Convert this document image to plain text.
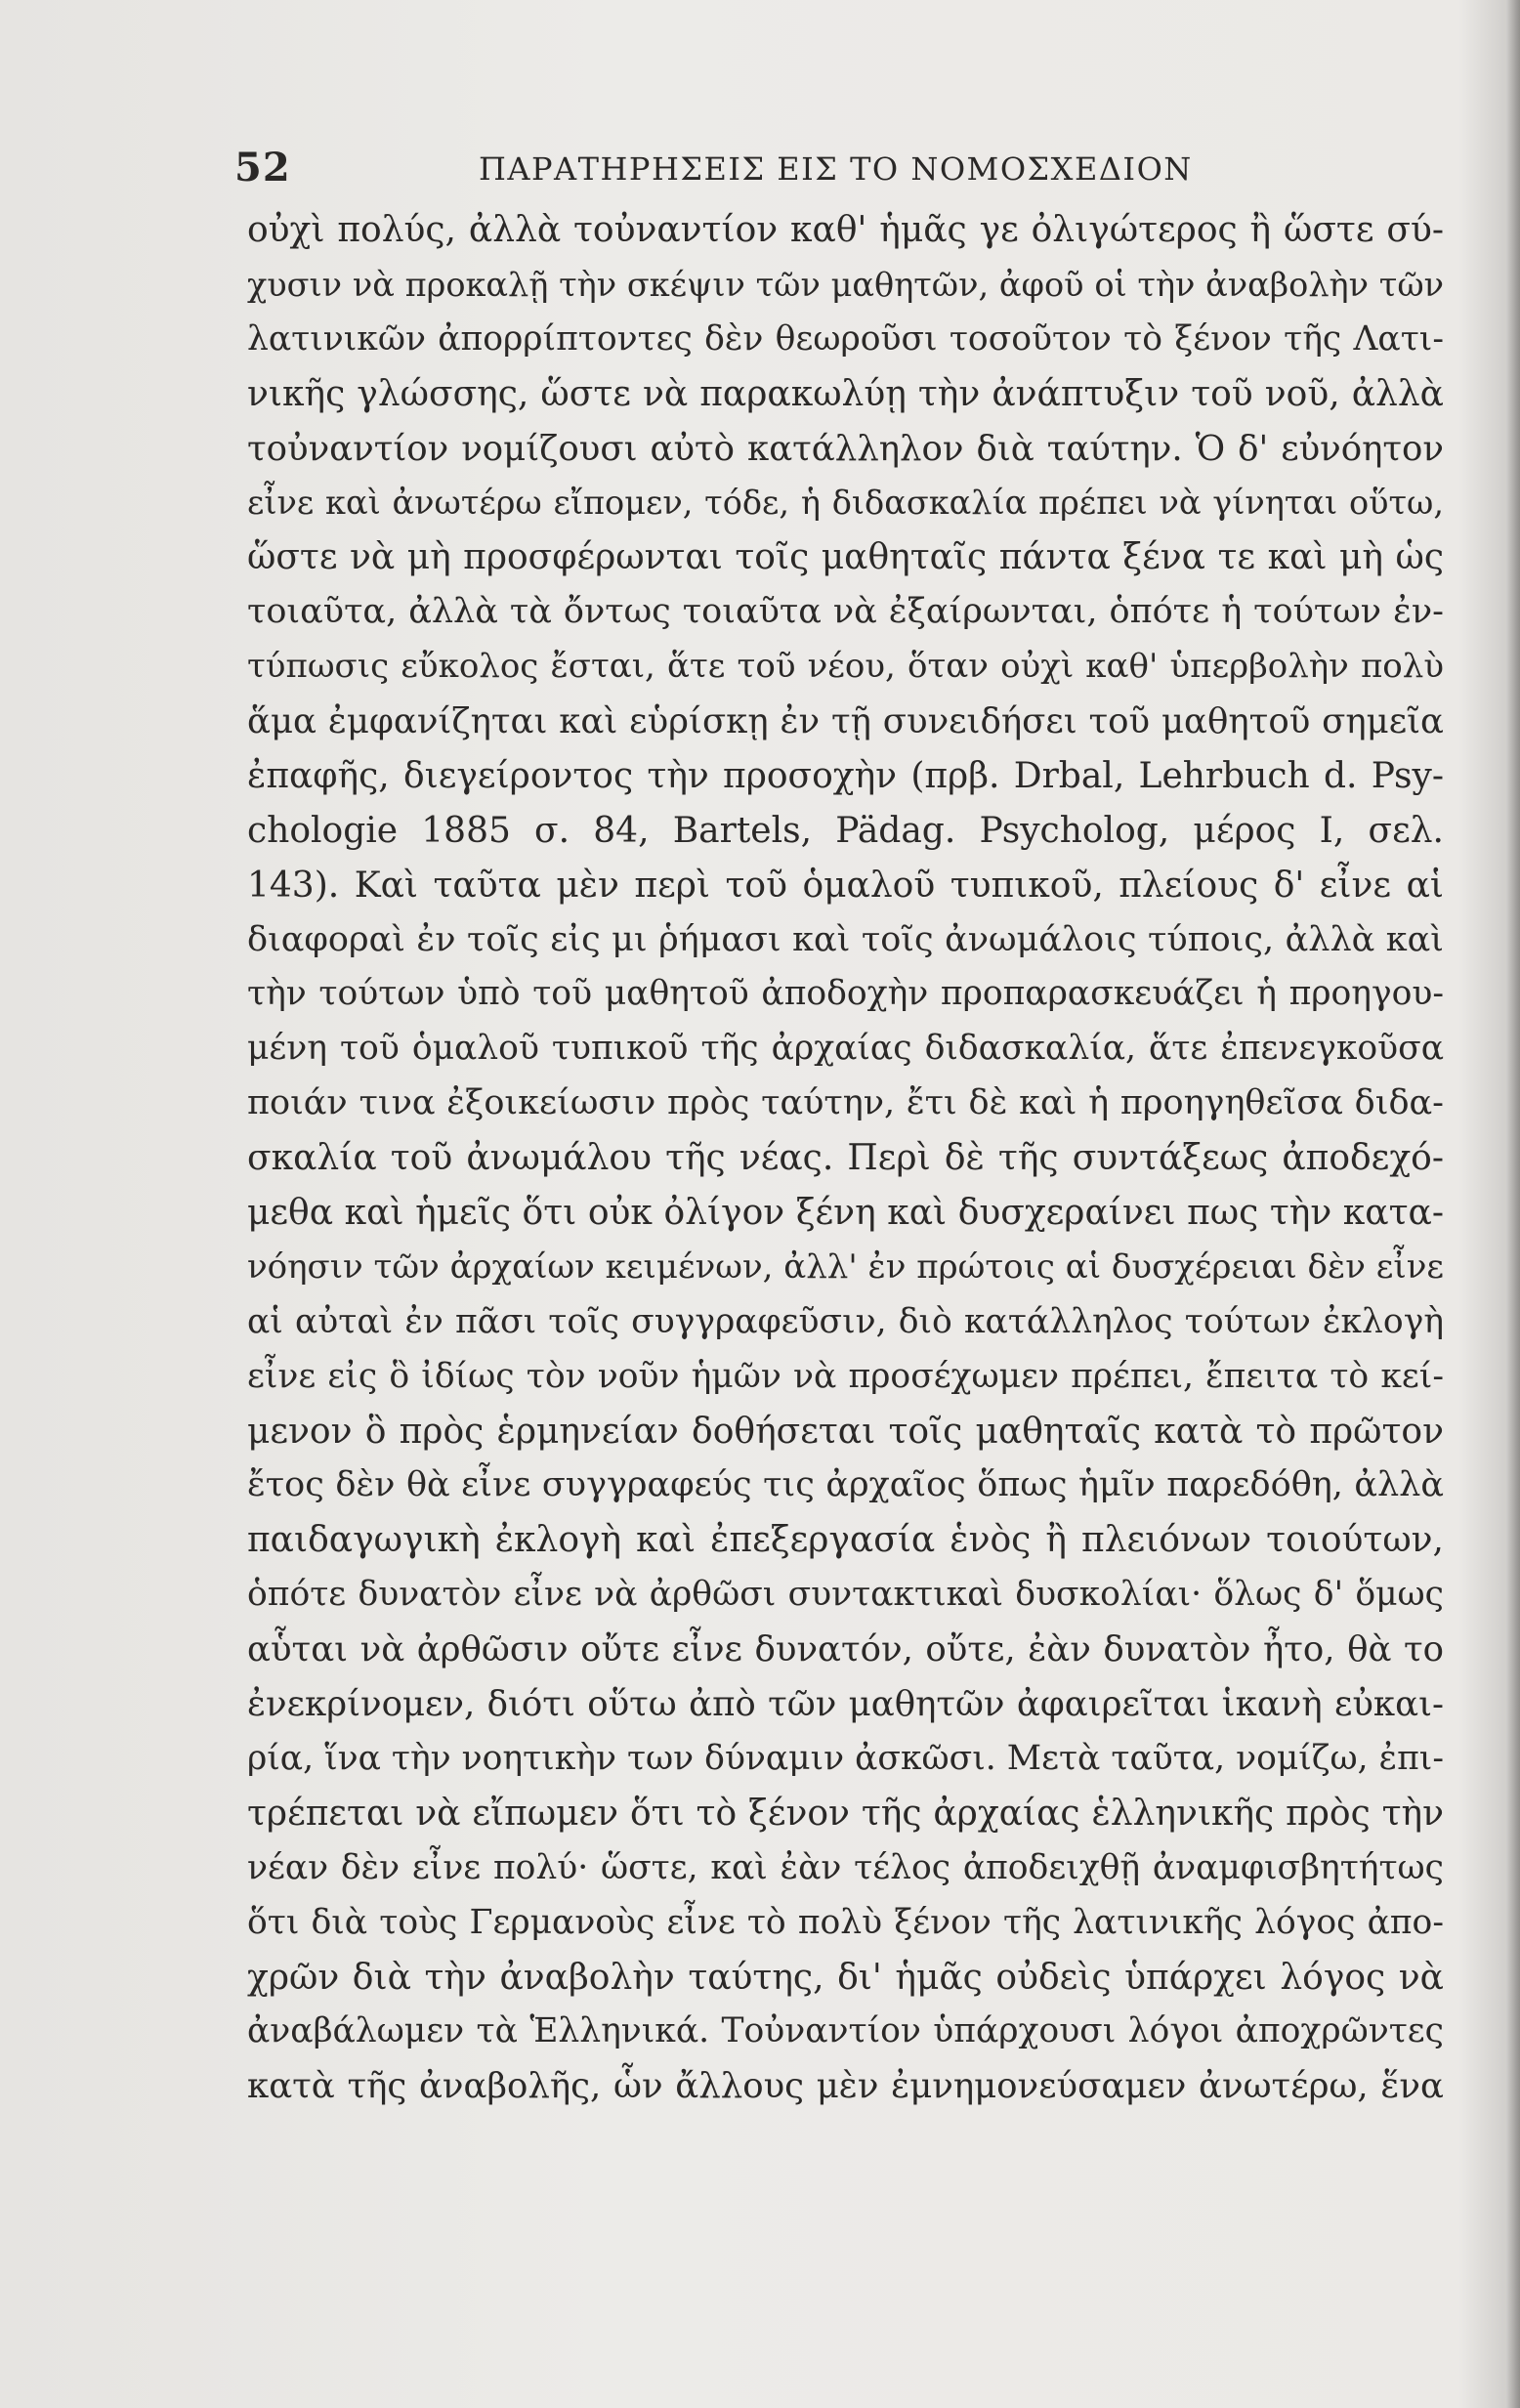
52	ΠΑΡΑΤΗΡΗΣΕΙΣ ΕΙΣ ΤΟ ΝΟΜΟΣΧΕΔΙΟΝ
οὐχὶ πολύς, ἀλλὰ τοὐναντίον καθ' ἡμᾶς γε ὀλιγώτερος ἢ ὥστε σύ-
χυσιν νὰ προκαλῇ τὴν σκέψιν τῶν μαθητῶν, ἀφοῦ οἱ τὴν ἀναβολὴν τῶν
λατινικῶν ἀπορρίπτοντες δὲν θεωροῦσι τοσοῦτον τὸ ξένον τῆς Λατι-
νικῆς γλώσσης, ὥστε νὰ παρακωλύῃ τὴν ἀνάπτυξιν τοῦ νοῦ, ἀλλὰ
τοὐναντίον νομίζουσι αὐτὸ κατάλληλον διὰ ταύτην. Ὁ δ' εὐνόητον
εἶνε καὶ ἀνωτέρω εἴπομεν, τόδε, ἡ διδασκαλία πρέπει νὰ γίνηται οὕτω,
ὥστε νὰ μὴ προσφέρωνται τοῖς μαθηταῖς πάντα ξένα τε καὶ μὴ ὡς
τοιαῦτα, ἀλλὰ τὰ ὄντως τοιαῦτα νὰ ἐξαίρωνται, ὁπότε ἡ τούτων ἐν-
τύπωσις εὔκολος ἔσται, ἅτε τοῦ νέου, ὅταν οὐχὶ καθ' ὑπερβολὴν πολὺ
ἅμα ἐμφανίζηται καὶ εὑρίσκῃ ἐν τῇ συνειδήσει τοῦ μαθητοῦ σημεῖα
ἐπαφῆς, διεγείροντος τὴν προσοχὴν (πρβ. Drbal, Lehrbuch d. Psy-
chologie 1885 σ. 84, Bartels, Pädag. Psycholog, μέρος I, σελ.
143). Καὶ ταῦτα μὲν περὶ τοῦ ὁμαλοῦ τυπικοῦ, πλείους δ' εἶνε αἱ
διαφοραὶ ἐν τοῖς εἰς μι ῥήμασι καὶ τοῖς ἀνωμάλοις τύποις, ἀλλὰ καὶ
τὴν τούτων ὑπὸ τοῦ μαθητοῦ ἀποδοχὴν προπαρασκευάζει ἡ προηγου-
μένη τοῦ ὁμαλοῦ τυπικοῦ τῆς ἀρχαίας διδασκαλία, ἅτε ἐπενεγκοῦσα
ποιάν τινα ἐξοικείωσιν πρὸς ταύτην, ἔτι δὲ καὶ ἡ προηγηθεῖσα διδα-
σκαλία τοῦ ἀνωμάλου τῆς νέας. Περὶ δὲ τῆς συντάξεως ἀποδεχό-
μεθα καὶ ἡμεῖς ὅτι οὐκ ὀλίγον ξένη καὶ δυσχεραίνει πως τὴν κατα-
νόησιν τῶν ἀρχαίων κειμένων, ἀλλ' ἐν πρώτοις αἱ δυσχέρειαι δὲν εἶνε
αἱ αὐταὶ ἐν πᾶσι τοῖς συγγραφεῦσιν, διὸ κατάλληλος τούτων ἐκλογὴ
εἶνε εἰς ὃ ἰδίως τὸν νοῦν ἡμῶν νὰ προσέχωμεν πρέπει, ἔπειτα τὸ κεί-
μενον ὃ πρὸς ἑρμηνείαν δοθήσεται τοῖς μαθηταῖς κατὰ τὸ πρῶτον
ἔτος δὲν θὰ εἶνε συγγραφεύς τις ἀρχαῖος ὅπως ἡμῖν παρεδόθη, ἀλλὰ
παιδαγωγικὴ ἐκλογὴ καὶ ἐπεξεργασία ἑνὸς ἢ πλειόνων τοιούτων,
ὁπότε δυνατὸν εἶνε νὰ ἀρθῶσι συντακτικαὶ δυσκολίαι· ὅλως δ' ὅμως
αὗται νὰ ἀρθῶσιν οὔτε εἶνε δυνατόν, οὔτε, ἐὰν δυνατὸν ἦτο, θὰ το
ἐνεκρίνομεν, διότι οὕτω ἀπὸ τῶν μαθητῶν ἀφαιρεῖται ἱκανὴ εὐκαι-
ρία, ἵνα τὴν νοητικὴν των δύναμιν ἀσκῶσι. Μετὰ ταῦτα, νομίζω, ἐπι-
τρέπεται νὰ εἴπωμεν ὅτι τὸ ξένον τῆς ἀρχαίας ἑλληνικῆς πρὸς τὴν
νέαν δὲν εἶνε πολύ· ὥστε, καὶ ἐὰν τέλος ἀποδειχθῇ ἀναμφισβητήτως
ὅτι διὰ τοὺς Γερμανοὺς εἶνε τὸ πολὺ ξένον τῆς λατινικῆς λόγος ἀπο-
χρῶν διὰ τὴν ἀναβολὴν ταύτης, δι' ἡμᾶς οὐδεὶς ὑπάρχει λόγος νὰ
ἀναβάλωμεν τὰ Ἑλληνικά. Τοὐναντίον ὑπάρχουσι λόγοι ἀποχρῶντες
κατὰ τῆς ἀναβολῆς, ὧν ἄλλους μὲν ἐμνημονεύσαμεν ἀνωτέρω, ἕνα
